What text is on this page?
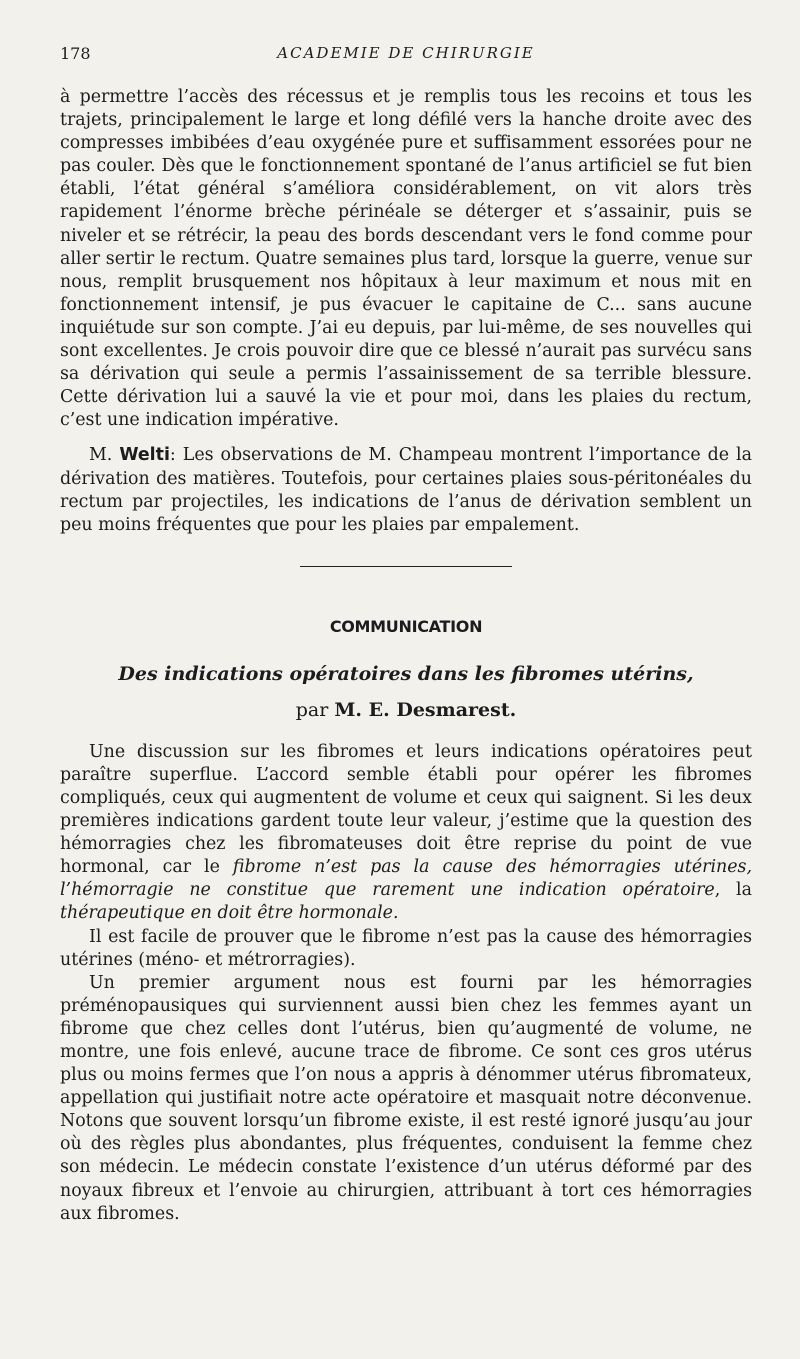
178	ACADEMIE DE CHIRURGIE

à permettre l’accès des récessus et je remplis tous les recoins et tous les trajets, principalement le large et long défilé vers la hanche droite avec des compresses imbibées d’eau oxygénée pure et suffisamment essorées pour ne pas couler. Dès que le fonctionnement spontané de l’anus artificiel se fut bien établi, l’état général s’améliora considérablement, on vit alors très rapidement l’énorme brèche périnéale se déterger et s’assainir, puis se niveler et se rétrécir, la peau des bords descendant vers le fond comme pour aller sertir le rectum. Quatre semaines plus tard, lorsque la guerre, venue sur nous, remplit brusquement nos hôpitaux à leur maximum et nous mit en fonctionnement intensif, je pus évacuer le capitaine de C... sans aucune inquiétude sur son compte. J’ai eu depuis, par lui-même, de ses nouvelles qui sont excellentes. Je crois pouvoir dire que ce blessé n’aurait pas survécu sans sa dérivation qui seule a permis l’assainissement de sa terrible blessure. Cette dérivation lui a sauvé la vie et pour moi, dans les plaies du rectum, c’est une indication impérative.

M. Welti: Les observations de M. Champeau montrent l’importance de la dérivation des matières. Toutefois, pour certaines plaies sous-péritonéales du rectum par projectiles, les indications de l’anus de dérivation semblent un peu moins fréquentes que pour les plaies par empalement.

COMMUNICATION
Des indications opératoires dans les fibromes utérins,
par M. E. Desmarest.

Une discussion sur les fibromes et leurs indications opératoires peut paraître superflue. L’accord semble établi pour opérer les fibromes compliqués, ceux qui augmentent de volume et ceux qui saignent. Si les deux premières indications gardent toute leur valeur, j’estime que la question des hémorragies chez les fibromateuses doit être reprise du point de vue hormonal, car le fibrome n’est pas la cause des hémorragies utérines, l’hémorragie ne constitue que rarement une indication opératoire, la thérapeutique en doit être hormonale.

Il est facile de prouver que le fibrome n’est pas la cause des hémorragies utérines (méno- et métrorragies).

Un premier argument nous est fourni par les hémorragies préménopausiques qui surviennent aussi bien chez les femmes ayant un fibrome que chez celles dont l’utérus, bien qu’augmenté de volume, ne montre, une fois enlevé, aucune trace de fibrome. Ce sont ces gros utérus plus ou moins fermes que l’on nous a appris à dénommer utérus fibromateux, appellation qui justifiait notre acte opératoire et masquait notre déconvenue. Notons que souvent lorsqu’un fibrome existe, il est resté ignoré jusqu’au jour où des règles plus abondantes, plus fréquentes, conduisent la femme chez son médecin. Le médecin constate l’existence d’un utérus déformé par des noyaux fibreux et l’envoie au chirurgien, attribuant à tort ces hémorragies aux fibromes.
